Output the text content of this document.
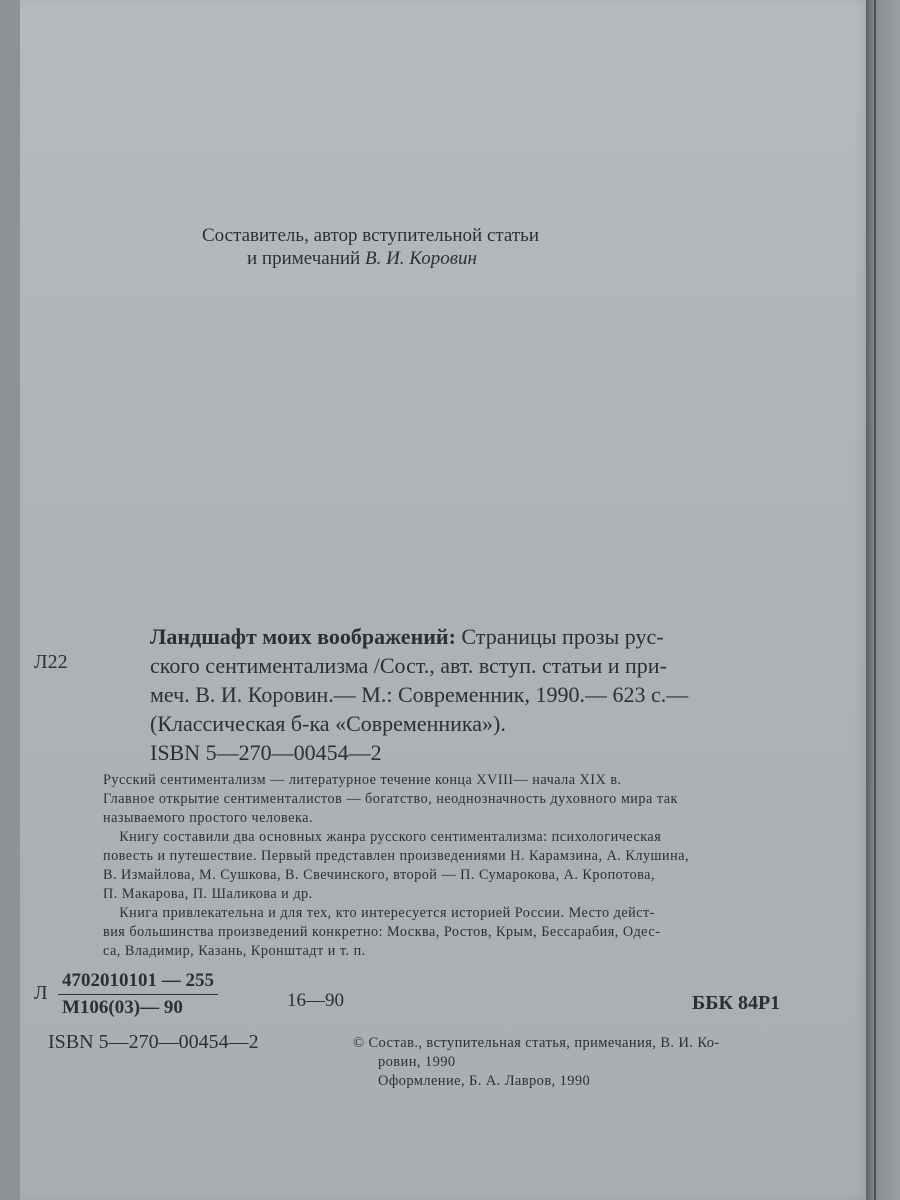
Составитель, автор вступительной статьи
и примечаний В. И. Коровин
Л22
Ландшафт моих воображений: Страницы прозы рус-
ского сентиментализма /Сост., авт. вступ. статьи и при-
меч. В. И. Коровин.— М.: Современник, 1990.— 623 с.—
(Классическая б-ка «Современника»).
ISBN 5—270—00454—2
Русский сентиментализм — литературное течение конца XVIII— начала XIX в.
Главное открытие сентименталистов — богатство, неоднозначность духовного мира так
называемого простого человека.
Книгу составили два основных жанра русского сентиментализма: психологическая
повесть и путешествие. Первый представлен произведениями Н. Карамзина, А. Клушина,
В. Измайлова, М. Сушкова, В. Свечинского, второй — П. Сумарокова, А. Кропотова,
П. Макарова, П. Шаликова и др.
Книга привлекательна и для тех, кто интересуется историей России. Место дейст-
вия большинства произведений конкретно: Москва, Ростов, Крым, Бессарабия, Одес-
са, Владимир, Казань, Кронштадт и т. п.
Л
4702010101 — 255
М106(03)— 90	16—90	ББК 84Р1
ISBN 5—270—00454—2	© Состав., вступительная статья, примечания, В. И. Ко-
ровин, 1990
Оформление, Б. А. Лавров, 1990
